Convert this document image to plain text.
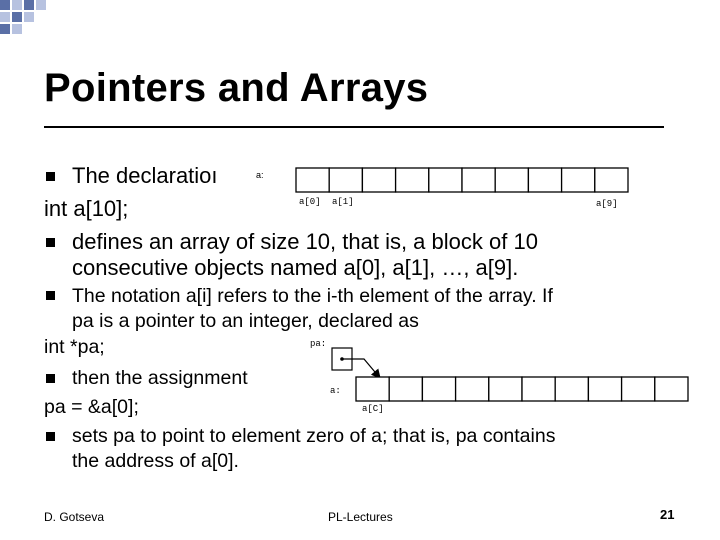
Pointers and Arrays
The declaratioı	a:
int a[10];
defines an array of size 10, that is, a block of 10
consecutive objects named a[0], a[1], …, a[9].
a[0] a[1]	a[9]
The notation a[i] refers to the i-th element of the array. If
pa is a pointer to an integer, declared as
int *pa;
then the assignment
pa = &a[0];
sets pa to point to element zero of a; that is, pa contains
the address of a[0].
pa:
a:
a[C]
D. Gotseva	PL-Lectures	21
